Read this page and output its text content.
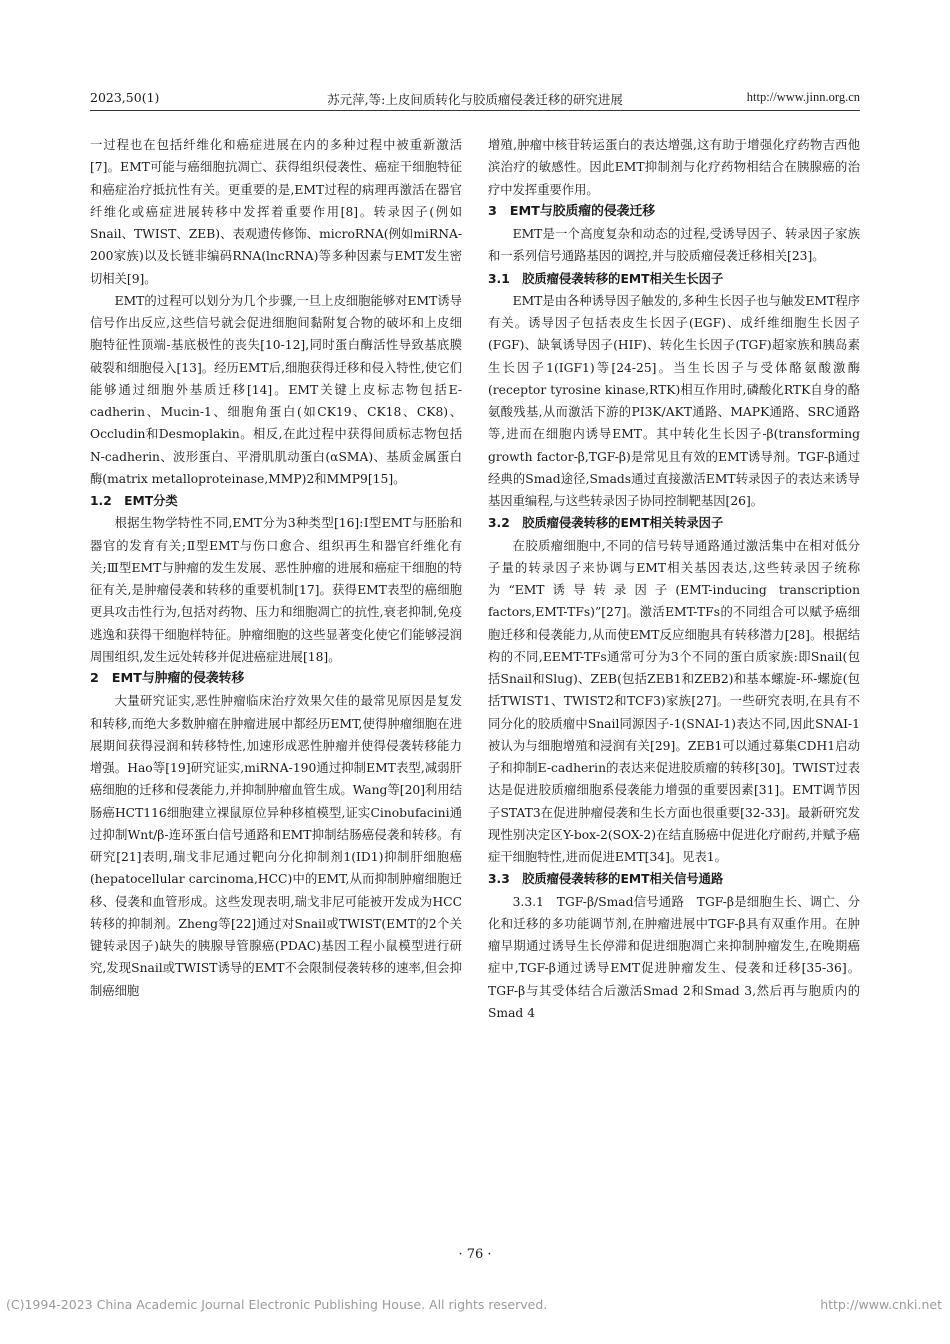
2023,50(1)	苏元萍,等:上皮间质转化与胶质瘤侵袭迁移的研究进展	http://www.jinn.org.cn

一过程也在包括纤维化和癌症进展在内的多种过程中被重新激活[7]。EMT可能与癌细胞抗凋亡、获得组织侵袭性、癌症干细胞特征和癌症治疗抵抗性有关。更重要的是,EMT过程的病理再激活在器官纤维化或癌症进展转移中发挥着重要作用[8]。转录因子(例如Snail、TWIST、ZEB)、表观遗传修饰、microRNA(例如miRNA-200家族)以及长链非编码RNA(lncRNA)等多种因素与EMT发生密切相关[9]。

EMT的过程可以划分为几个步骤,一旦上皮细胞能够对EMT诱导信号作出反应,这些信号就会促进细胞间黏附复合物的破坏和上皮细胞特征性顶端-基底极性的丧失[10-12],同时蛋白酶活性导致基底膜破裂和细胞侵入[13]。经历EMT后,细胞获得迁移和侵入特性,使它们能够通过细胞外基质迁移[14]。EMT关键上皮标志物包括E-cadherin、Mucin-1、细胞角蛋白(如CK19、CK18、CK8)、Occludin和Desmoplakin。相反,在此过程中获得间质标志物包括N-cadherin、波形蛋白、平滑肌肌动蛋白(αSMA)、基质金属蛋白酶(matrix metalloproteinase,MMP)2和MMP9[15]。

1.2　EMT分类

根据生物学特性不同,EMT分为3种类型[16]:Ⅰ型EMT与胚胎和器官的发育有关;Ⅱ型EMT与伤口愈合、组织再生和器官纤维化有关;Ⅲ型EMT与肿瘤的发生发展、恶性肿瘤的进展和癌症干细胞的特征有关,是肿瘤侵袭和转移的重要机制[17]。获得EMT表型的癌细胞更具攻击性行为,包括对药物、压力和细胞凋亡的抗性,衰老抑制,免疫逃逸和获得干细胞样特征。肿瘤细胞的这些显著变化使它们能够浸润周围组织,发生远处转移并促进癌症进展[18]。

2　EMT与肿瘤的侵袭转移

大量研究证实,恶性肿瘤临床治疗效果欠佳的最常见原因是复发和转移,而绝大多数肿瘤在肿瘤进展中都经历EMT,使得肿瘤细胞在进展期间获得浸润和转移特性,加速形成恶性肿瘤并使得侵袭转移能力增强。Hao等[19]研究证实,miRNA-190通过抑制EMT表型,减弱肝癌细胞的迁移和侵袭能力,并抑制肿瘤血管生成。Wang等[20]利用结肠癌HCT116细胞建立裸鼠原位异种移植模型,证实Cinobufacini通过抑制Wnt/β-连环蛋白信号通路和EMT抑制结肠癌侵袭和转移。有研究[21]表明,瑞戈非尼通过靶向分化抑制剂1(ID1)抑制肝细胞癌(hepatocellular carcinoma,HCC)中的EMT,从而抑制肿瘤细胞迁移、侵袭和血管形成。这些发现表明,瑞戈非尼可能被开发成为HCC转移的抑制剂。Zheng等[22]通过对Snail或TWIST(EMT的2个关键转录因子)缺失的胰腺导管腺癌(PDAC)基因工程小鼠模型进行研究,发现Snail或TWIST诱导的EMT不会限制侵袭转移的速率,但会抑制癌细胞

增殖,肿瘤中核苷转运蛋白的表达增强,这有助于增强化疗药物吉西他滨治疗的敏感性。因此EMT抑制剂与化疗药物相结合在胰腺癌的治疗中发挥重要作用。

3　EMT与胶质瘤的侵袭迁移

EMT是一个高度复杂和动态的过程,受诱导因子、转录因子家族和一系列信号通路基因的调控,并与胶质瘤侵袭迁移相关[23]。

3.1　胶质瘤侵袭转移的EMT相关生长因子

EMT是由各种诱导因子触发的,多种生长因子也与触发EMT程序有关。诱导因子包括表皮生长因子(EGF)、成纤维细胞生长因子(FGF)、缺氧诱导因子(HIF)、转化生长因子(TGF)超家族和胰岛素生长因子1(IGF1)等[24-25]。当生长因子与受体酪氨酸激酶(receptor tyrosine kinase,RTK)相互作用时,磷酸化RTK自身的酪氨酸残基,从而激活下游的PI3K/AKT通路、MAPK通路、SRC通路等,进而在细胞内诱导EMT。其中转化生长因子-β(transforming growth factor-β,TGF-β)是常见且有效的EMT诱导剂。TGF-β通过经典的Smad途径,Smads通过直接激活EMT转录因子的表达来诱导基因重编程,与这些转录因子协同控制靶基因[26]。

3.2　胶质瘤侵袭转移的EMT相关转录因子

在胶质瘤细胞中,不同的信号转导通路通过激活集中在相对低分子量的转录因子来协调与EMT相关基因表达,这些转录因子统称为“EMT诱导转录因子(EMT-inducing transcription factors,EMT-TFs)”[27]。激活EMT-TFs的不同组合可以赋予癌细胞迁移和侵袭能力,从而使EMT反应细胞具有转移潜力[28]。根据结构的不同,EEMT-TFs通常可分为3个不同的蛋白质家族:即Snail(包括Snail和Slug)、ZEB(包括ZEB1和ZEB2)和基本螺旋-环-螺旋(包括TWIST1、TWIST2和TCF3)家族[27]。一些研究表明,在具有不同分化的胶质瘤中Snail同源因子-1(SNAI-1)表达不同,因此SNAI-1被认为与细胞增殖和浸润有关[29]。ZEB1可以通过募集CDH1启动子和抑制E-cadherin的表达来促进胶质瘤的转移[30]。TWIST过表达是促进胶质瘤细胞系侵袭能力增强的重要因素[31]。EMT调节因子STAT3在促进肿瘤侵袭和生长方面也很重要[32-33]。最新研究发现性别决定区Y-box-2(SOX-2)在结直肠癌中促进化疗耐药,并赋予癌症干细胞特性,进而促进EMT[34]。见表1。

3.3　胶质瘤侵袭转移的EMT相关信号通路

3.3.1　TGF-β/Smad信号通路　TGF-β是细胞生长、调亡、分化和迁移的多功能调节剂,在肿瘤进展中TGF-β具有双重作用。在肿瘤早期通过诱导生长停滞和促进细胞凋亡来抑制肿瘤发生,在晚期癌症中,TGF-β通过诱导EMT促进肿瘤发生、侵袭和迁移[35-36]。TGF-β与其受体结合后激活Smad 2和Smad 3,然后再与胞质内的Smad 4

· 76 ·
(C)1994-2023 China Academic Journal Electronic Publishing House. All rights reserved.	http://www.cnki.net
